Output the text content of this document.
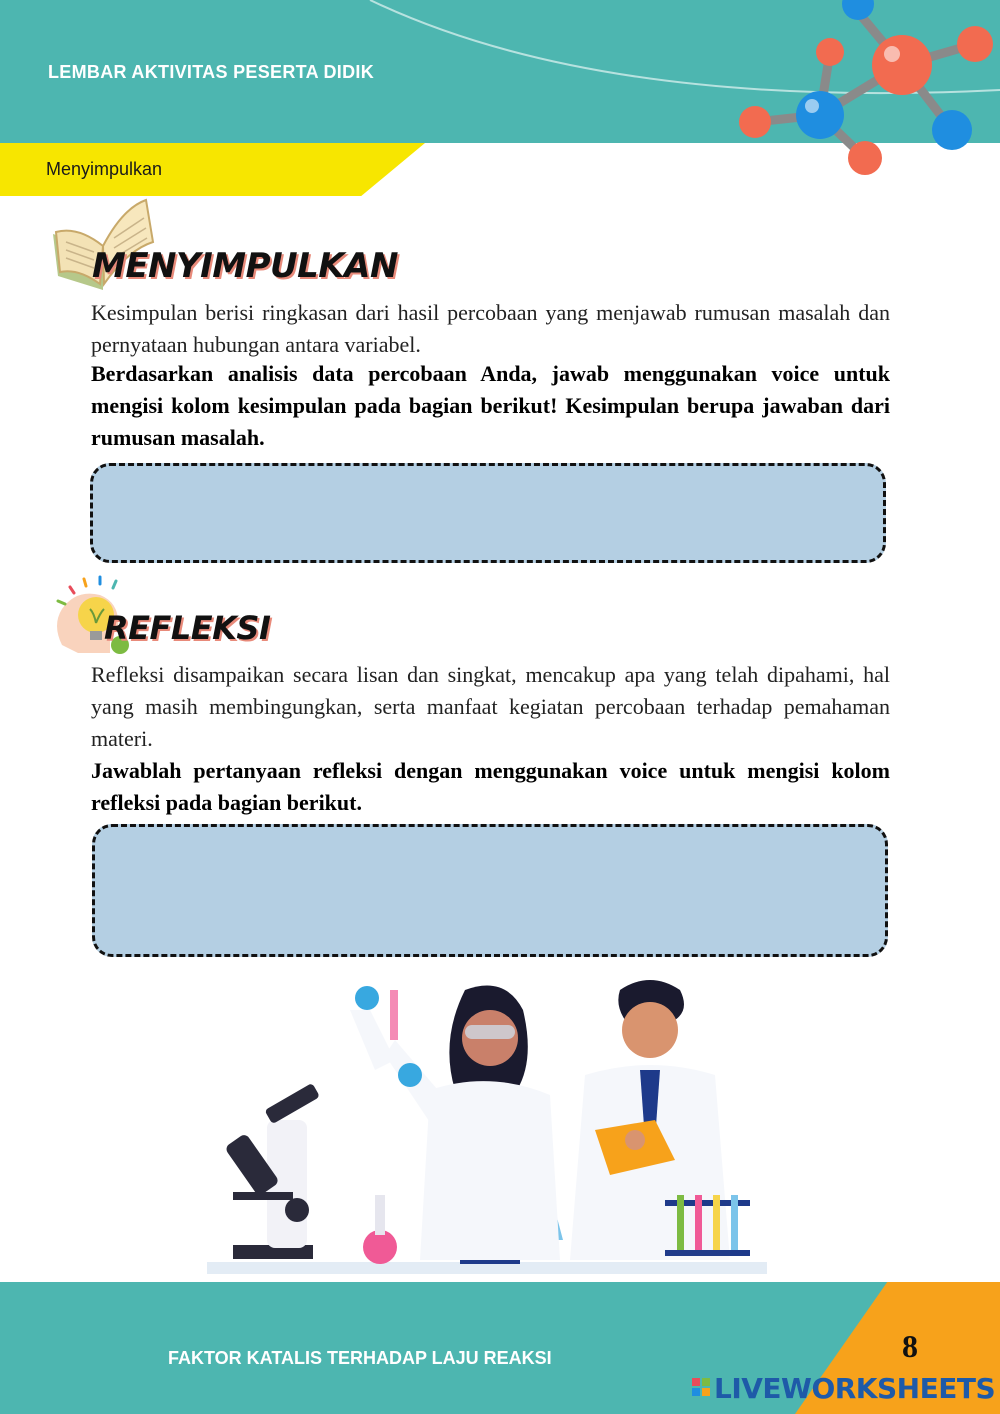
LEMBAR AKTIVITAS PESERTA DIDIK
Menyimpulkan
MENYIMPULKAN
Kesimpulan berisi ringkasan dari hasil percobaan yang menjawab rumusan masalah dan pernyataan hubungan antara variabel.
Berdasarkan analisis data percobaan Anda, jawab menggunakan voice untuk mengisi kolom kesimpulan pada bagian berikut! Kesimpulan berupa jawaban dari rumusan masalah.
REFLEKSI
Refleksi disampaikan secara lisan dan singkat, mencakup apa yang telah dipahami, hal yang masih membingungkan, serta manfaat kegiatan percobaan terhadap pemahaman materi.
Jawablah pertanyaan refleksi dengan menggunakan voice untuk mengisi kolom refleksi pada bagian berikut.
FAKTOR KATALIS TERHADAP LAJU REAKSI	8
LIVEWORKSHEETS
